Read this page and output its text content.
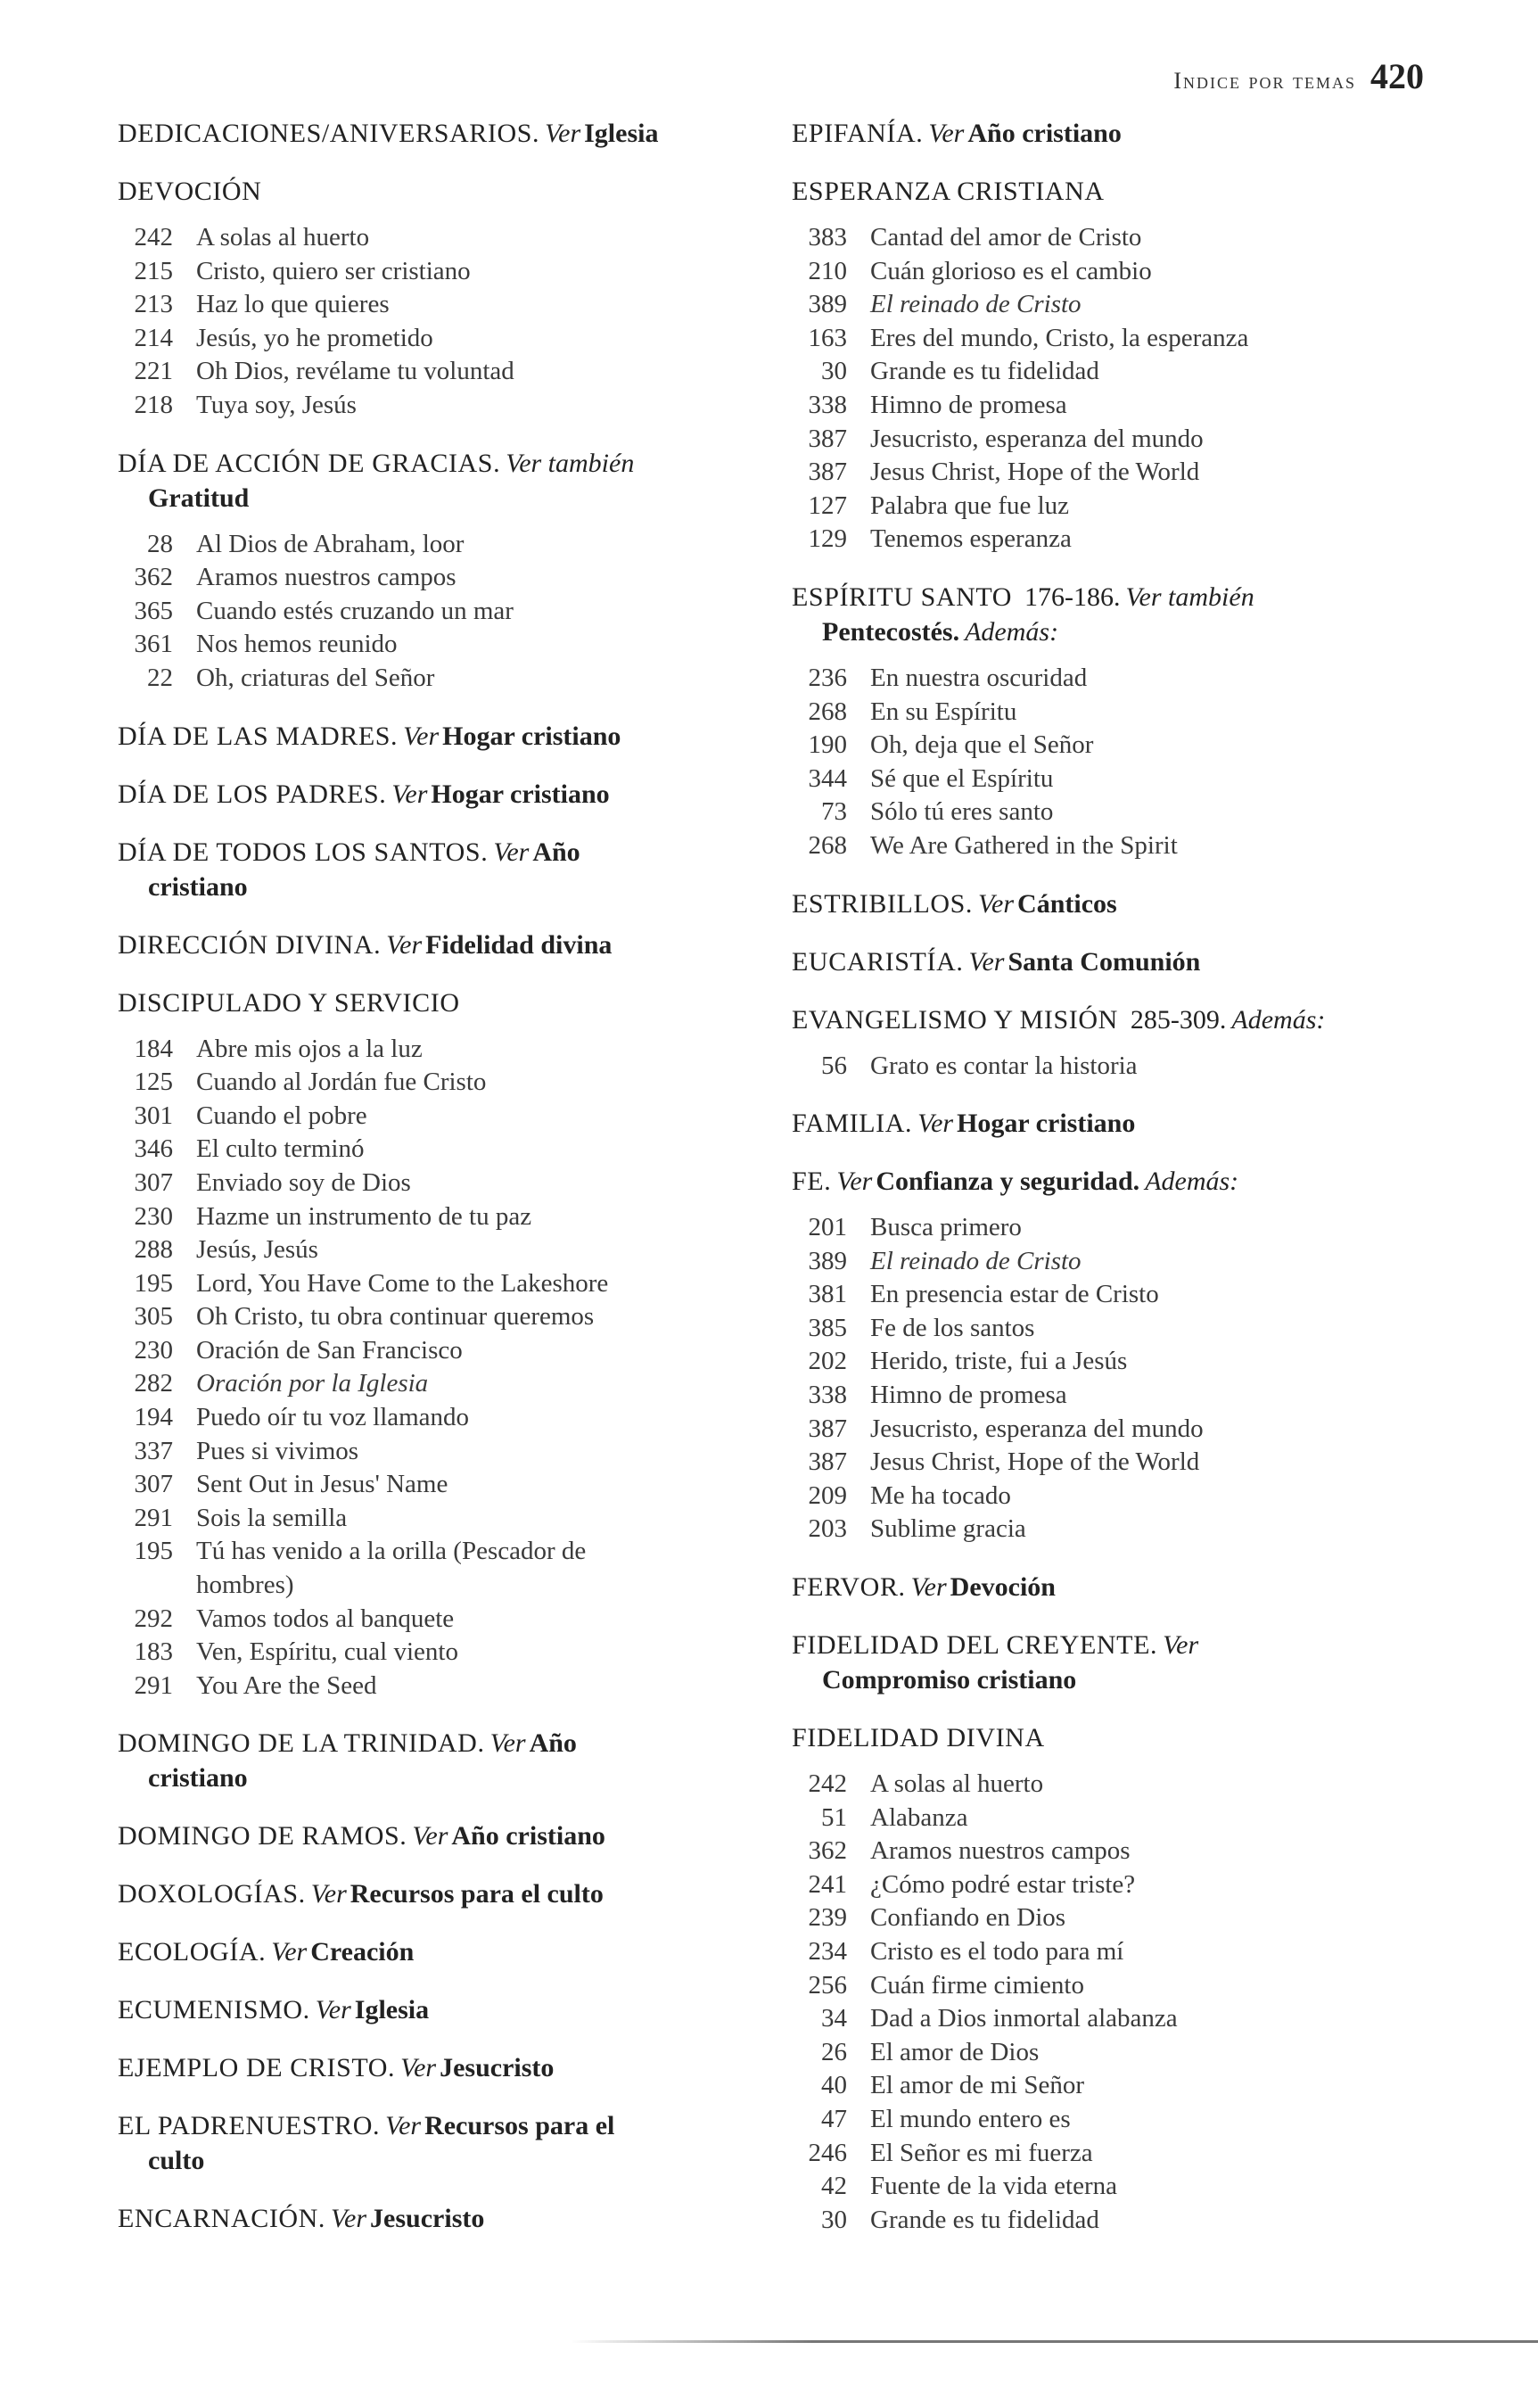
Indice por temas 420
DEDICACIONES/ANIVERSARIOS. Ver Iglesia
DEVOCIÓN
242 A solas al huerto
215 Cristo, quiero ser cristiano
213 Haz lo que quieres
214 Jesús, yo he prometido
221 Oh Dios, revélame tu voluntad
218 Tuya soy, Jesús
DÍA DE ACCIÓN DE GRACIAS. Ver también
Gratitud
28 Al Dios de Abraham, loor
362 Aramos nuestros campos
365 Cuando estés cruzando un mar
361 Nos hemos reunido
22 Oh, criaturas del Señor
DÍA DE LAS MADRES. Ver Hogar cristiano
DÍA DE LOS PADRES. Ver Hogar cristiano
DÍA DE TODOS LOS SANTOS. Ver Año
cristiano
DIRECCIÓN DIVINA. Ver Fidelidad divina
DISCIPULADO Y SERVICIO
184 Abre mis ojos a la luz
125 Cuando al Jordán fue Cristo
301 Cuando el pobre
346 El culto terminó
307 Enviado soy de Dios
230 Hazme un instrumento de tu paz
288 Jesús, Jesús
195 Lord, You Have Come to the Lakeshore
305 Oh Cristo, tu obra continuar queremos
230 Oración de San Francisco
282 Oración por la Iglesia
194 Puedo oír tu voz llamando
337 Pues si vivimos
307 Sent Out in Jesus' Name
291 Sois la semilla
195 Tú has venido a la orilla (Pescador de
hombres)
292 Vamos todos al banquete
183 Ven, Espíritu, cual viento
291 You Are the Seed
DOMINGO DE LA TRINIDAD. Ver Año
cristiano
DOMINGO DE RAMOS. Ver Año cristiano
DOXOLOGÍAS. Ver Recursos para el culto
ECOLOGÍA. Ver Creación
ECUMENISMO. Ver Iglesia
EJEMPLO DE CRISTO. Ver Jesucristo
EL PADRENUESTRO. Ver Recursos para el
culto
ENCARNACIÓN. Ver Jesucristo
EPIFANÍA. Ver Año cristiano
ESPERANZA CRISTIANA
383 Cantad del amor de Cristo
210 Cuán glorioso es el cambio
389 El reinado de Cristo
163 Eres del mundo, Cristo, la esperanza
30 Grande es tu fidelidad
338 Himno de promesa
387 Jesucristo, esperanza del mundo
387 Jesus Christ, Hope of the World
127 Palabra que fue luz
129 Tenemos esperanza
ESPÍRITU SANTO 176-186. Ver también
Pentecostés. Además:
236 En nuestra oscuridad
268 En su Espíritu
190 Oh, deja que el Señor
344 Sé que el Espíritu
73 Sólo tú eres santo
268 We Are Gathered in the Spirit
ESTRIBILLOS. Ver Cánticos
EUCARISTÍA. Ver Santa Comunión
EVANGELISMO Y MISIÓN 285-309. Además:
56 Grato es contar la historia
FAMILIA. Ver Hogar cristiano
FE. Ver Confianza y seguridad. Además:
201 Busca primero
389 El reinado de Cristo
381 En presencia estar de Cristo
385 Fe de los santos
202 Herido, triste, fui a Jesús
338 Himno de promesa
387 Jesucristo, esperanza del mundo
387 Jesus Christ, Hope of the World
209 Me ha tocado
203 Sublime gracia
FERVOR. Ver Devoción
FIDELIDAD DEL CREYENTE. Ver
Compromiso cristiano
FIDELIDAD DIVINA
242 A solas al huerto
51 Alabanza
362 Aramos nuestros campos
241 ¿Cómo podré estar triste?
239 Confiando en Dios
234 Cristo es el todo para mí
256 Cuán firme cimiento
34 Dad a Dios inmortal alabanza
26 El amor de Dios
40 El amor de mi Señor
47 El mundo entero es
246 El Señor es mi fuerza
42 Fuente de la vida eterna
30 Grande es tu fidelidad
